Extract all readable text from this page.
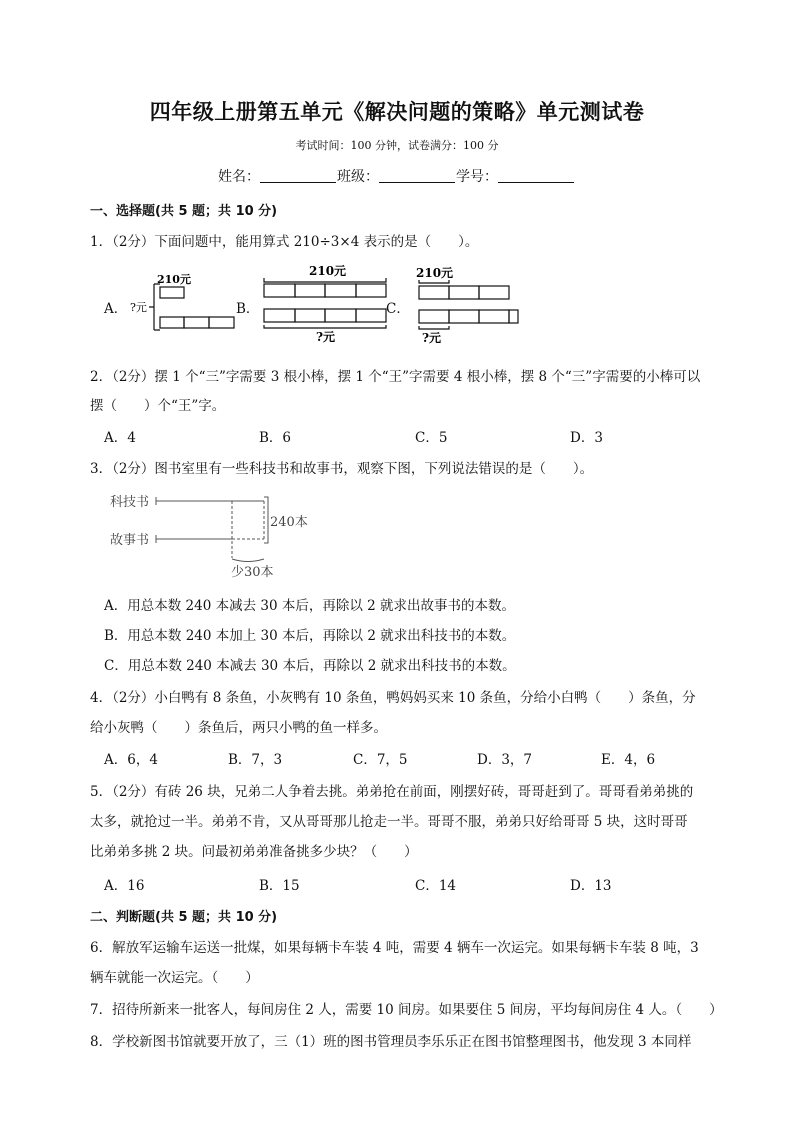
四年级上册第五单元《解决问题的策略》单元测试卷
考试时间：100 分钟，试卷满分：100 分
姓名：	班级：	学号：
一、选择题(共 5 题；共 10 分)
1．（2分）下面问题中，能用算式 210÷3×4 表示的是（　　）。
A．	B．	C．
210元
?元
210元
?元
210元
?元
2．（2分）摆 1 个“三”字需要 3 根小棒，摆 1 个“王”字需要 4 根小棒，摆 8 个“三”字需要的小棒可以
摆（　　）个“王”字。
A．4	B．6	C．5	D．3
3．（2分）图书室里有一些科技书和故事书，观察下图，下列说法错误的是（　　）。
科技书
故事书
240本
少30本
A．用总本数 240 本减去 30 本后，再除以 2 就求出故事书的本数。
B．用总本数 240 本加上 30 本后，再除以 2 就求出科技书的本数。
C．用总本数 240 本减去 30 本后，再除以 2 就求出科技书的本数。
4．（2分）小白鸭有 8 条鱼，小灰鸭有 10 条鱼，鸭妈妈买来 10 条鱼，分给小白鸭（　　）条鱼，分
给小灰鸭（　　）条鱼后，两只小鸭的鱼一样多。
A．6，4	B．7，3	C．7，5	D．3，7	E．4，6
5．（2分）有砖 26 块，兄弟二人争着去挑。弟弟抢在前面，刚摆好砖，哥哥赶到了。哥哥看弟弟挑的
太多，就抢过一半。弟弟不肯，又从哥哥那儿抢走一半。哥哥不服，弟弟只好给哥哥 5 块，这时哥哥
比弟弟多挑 2 块。问最初弟弟准备挑多少块？（　　）
A．16	B．15	C．14	D．13
二、判断题(共 5 题；共 10 分)
6．解放军运输车运送一批煤，如果每辆卡车装 4 吨，需要 4 辆车一次运完。如果每辆卡车装 8 吨，3
辆车就能一次运完。（　　）
7．招待所新来一批客人，每间房住 2 人，需要 10 间房。如果要住 5 间房，平均每间房住 4 人。（　　）
8．学校新图书馆就要开放了，三（1）班的图书管理员李乐乐正在图书馆整理图书，他发现 3 本同样
